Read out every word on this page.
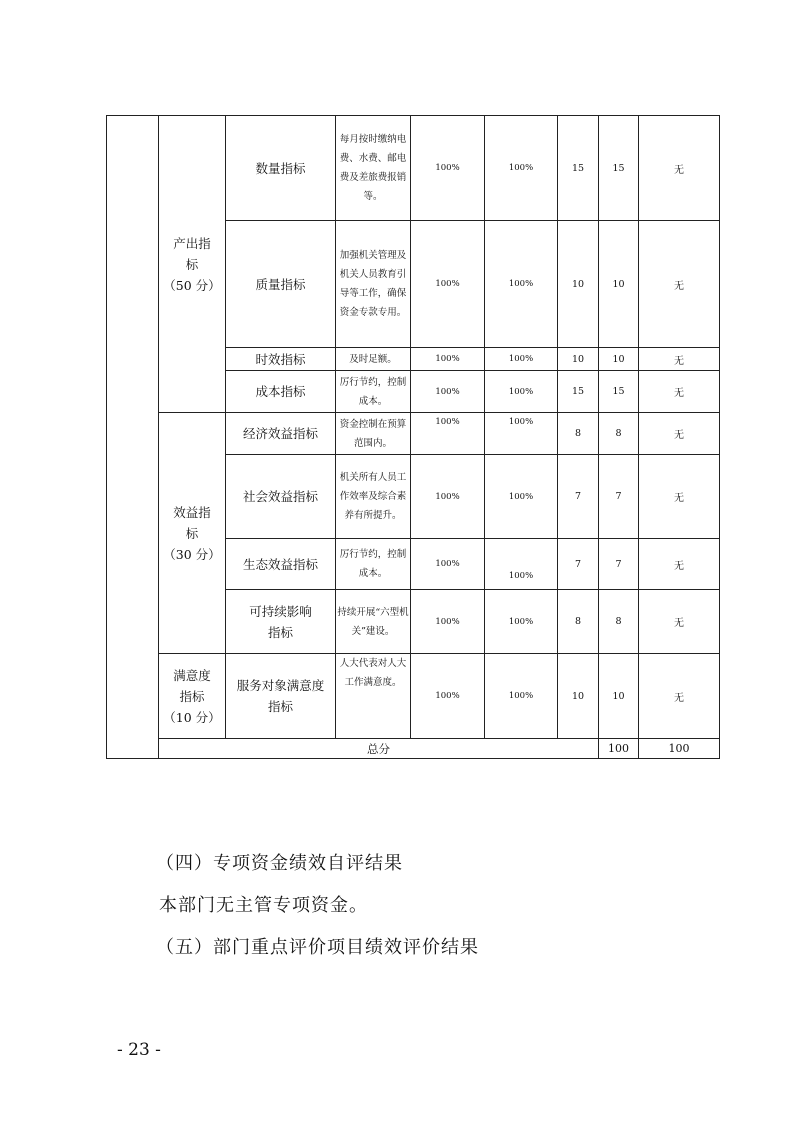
	产出指
标
（50 分）	数量指标	每月按时缴纳电费、水费、邮电费及差旅费报销等。	100%	100%	15	15	无	
		质量指标	加强机关管理及机关人员教育引导等工作，确保资金专款专用。	100%	100%	10	10	无	
		时效指标	及时足额。	100%	100%	10	10	无	
		成本指标	厉行节约，控制成本。	100%	100%	15	15	无	
	效益指
标
（30 分）	经济效益指标	资金控制在预算范围内。	100%	100%	8	8	无	
		社会效益指标	机关所有人员工作效率及综合素养有所提升。	100%	100%	7	7	无	
		生态效益指标	厉行节约，控制成本。	100%	100%	7	7	无	
		可持续影响
指标	持续开展“六型机关”建设。	100%	100%	8	8	无	
	满意度
指标
（10 分）	服务对象满意度
指标	人大代表对人大工作满意度。	100%	100%	10	10	无	
	总分						100	100	
（四）专项资金绩效自评结果
本部门无主管专项资金。
（五）部门重点评价项目绩效评价结果
- 23 -
